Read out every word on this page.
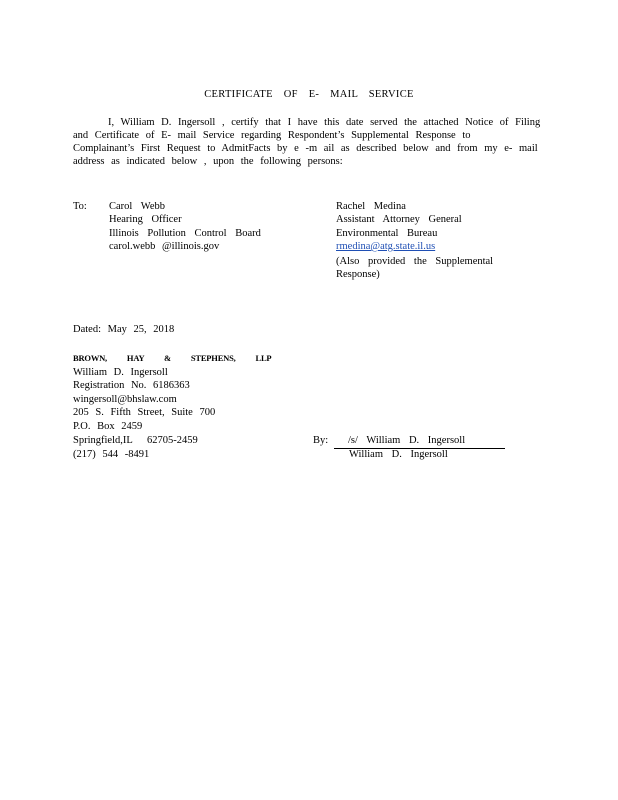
CERTIFICATE OF E- MAIL SERVICE
I, William D. Ingersoll , certify that I have this date served the attached Notice of Filing
and Certificate of E- mail Service regarding Respondent’s Supplemental Response to
Complainant’s First Request to AdmitFacts by e -m ail as described below and from my e- mail
address as indicated below , upon the following persons:
To: Carol Webb
Hearing Officer
Illinois Pollution Control Board
carol.webb @illinois.gov
Rachel Medina
Assistant Attorney General
Environmental Bureau
rmedina@atg.state.il.us
(Also provided the Supplemental
Response)
Dated: May 25, 2018
BROWN, HAY & STEPHENS, LLP
William D. Ingersoll
Registration No. 6186363
wingersoll@bhslaw.com
205 S. Fifth Street, Suite 700
P.O. Box 2459
Springfield,IL 62705-2459
(217) 544 -8491
By:	/s/ William D. Ingersoll
William D. Ingersoll
